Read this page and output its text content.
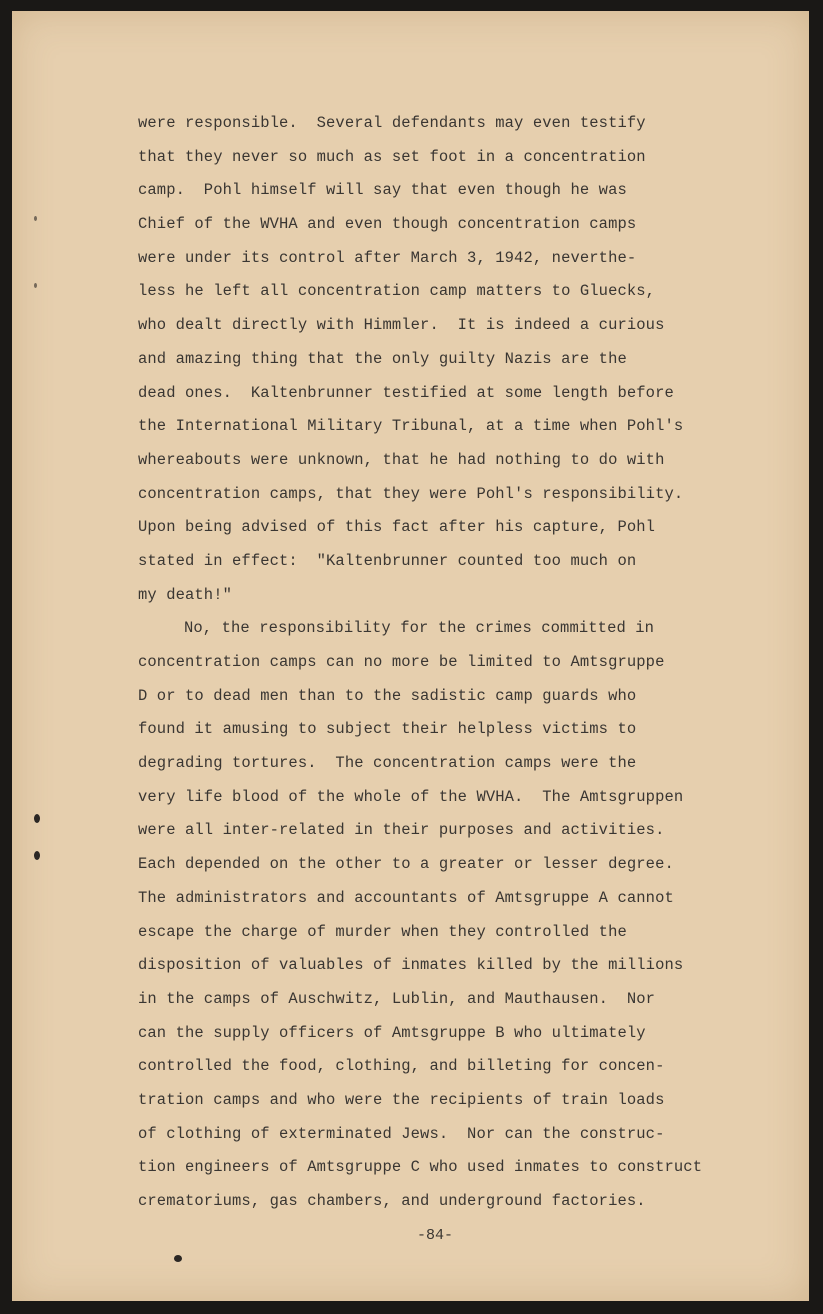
were responsible.  Several defendants may even testify
that they never so much as set foot in a concentration
camp.  Pohl himself will say that even though he was
Chief of the WVHA and even though concentration camps
were under its control after March 3, 1942, neverthe-
less he left all concentration camp matters to Gluecks,
who dealt directly with Himmler.  It is indeed a curious
and amazing thing that the only guilty Nazis are the
dead ones.  Kaltenbrunner testified at some length before
the International Military Tribunal, at a time when Pohl's
whereabouts were unknown, that he had nothing to do with
concentration camps, that they were Pohl's responsibility.
Upon being advised of this fact after his capture, Pohl
stated in effect:  "Kaltenbrunner counted too much on
my death!"
No, the responsibility for the crimes committed in
concentration camps can no more be limited to Amtsgruppe
D or to dead men than to the sadistic camp guards who
found it amusing to subject their helpless victims to
degrading tortures.  The concentration camps were the
very life blood of the whole of the WVHA.  The Amtsgruppen
were all inter-related in their purposes and activities.
Each depended on the other to a greater or lesser degree.
The administrators and accountants of Amtsgruppe A cannot
escape the charge of murder when they controlled the
disposition of valuables of inmates killed by the millions
in the camps of Auschwitz, Lublin, and Mauthausen.  Nor
can the supply officers of Amtsgruppe B who ultimately
controlled the food, clothing, and billeting for concen-
tration camps and who were the recipients of train loads
of clothing of exterminated Jews.  Nor can the construc-
tion engineers of Amtsgruppe C who used inmates to construct
crematoriums, gas chambers, and underground factories.
-84-
